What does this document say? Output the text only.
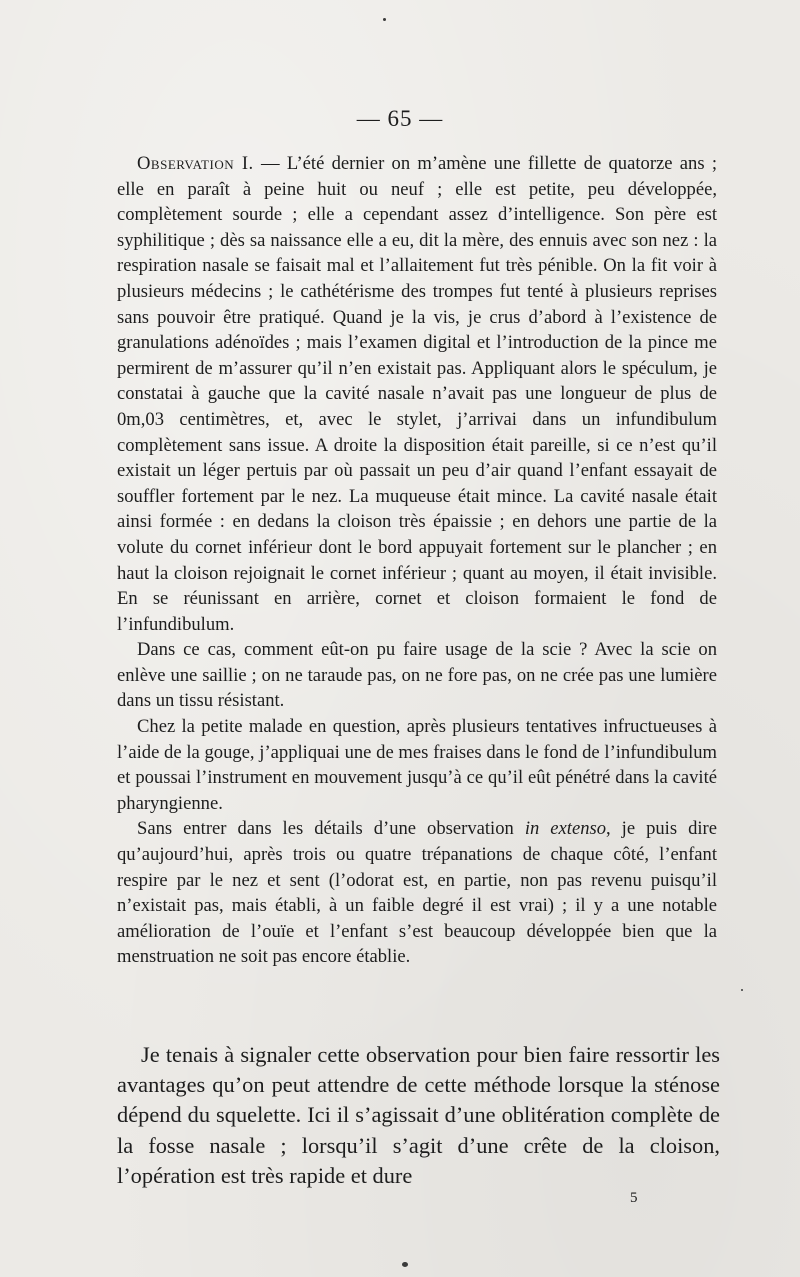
— 65 —

Observation I. — L’été dernier on m’amène une fillette de quatorze ans ; elle en paraît à peine huit ou neuf ; elle est petite, peu développée, complètement sourde ; elle a cependant assez d’intelligence. Son père est syphilitique ; dès sa naissance elle a eu, dit la mère, des ennuis avec son nez : la respiration nasale se faisait mal et l’allaitement fut très pénible. On la fit voir à plusieurs médecins ; le cathétérisme des trompes fut tenté à plusieurs reprises sans pouvoir être pratiqué. Quand je la vis, je crus d’abord à l’existence de granulations adénoïdes ; mais l’examen digital et l’introduction de la pince me permirent de m’assurer qu’il n’en existait pas. Appliquant alors le spéculum, je constatai à gauche que la cavité nasale n’avait pas une longueur de plus de 0m,03 centimètres, et, avec le stylet, j’arrivai dans un infundibulum complètement sans issue. A droite la disposition était pareille, si ce n’est qu’il existait un léger pertuis par où passait un peu d’air quand l’enfant essayait de souffler fortement par le nez. La muqueuse était mince. La cavité nasale était ainsi formée : en dedans la cloison très épaissie ; en dehors une partie de la volute du cornet inférieur dont le bord appuyait fortement sur le plancher ; en haut la cloison rejoignait le cornet inférieur ; quant au moyen, il était invisible. En se réunissant en arrière, cornet et cloison formaient le fond de l’infundibulum.

Dans ce cas, comment eût-on pu faire usage de la scie ? Avec la scie on enlève une saillie ; on ne taraude pas, on ne fore pas, on ne crée pas une lumière dans un tissu résistant.

Chez la petite malade en question, après plusieurs tentatives infructueuses à l’aide de la gouge, j’appliquai une de mes fraises dans le fond de l’infundibulum et poussai l’instrument en mouvement jusqu’à ce qu’il eût pénétré dans la cavité pharyngienne.

Sans entrer dans les détails d’une observation in extenso, je puis dire qu’aujourd’hui, après trois ou quatre trépanations de chaque côté, l’enfant respire par le nez et sent (l’odorat est, en partie, non pas revenu puisqu’il n’existait pas, mais établi, à un faible degré il est vrai) ; il y a une notable amélioration de l’ouïe et l’enfant s’est beaucoup développée bien que la menstruation ne soit pas encore établie.

Je tenais à signaler cette observation pour bien faire ressortir les avantages qu’on peut attendre de cette méthode lorsque la sténose dépend du squelette. Ici il s’agissait d’une oblitération complète de la fosse nasale ; lorsqu’il s’agit d’une crête de la cloison, l’opération est très rapide et dure

5
